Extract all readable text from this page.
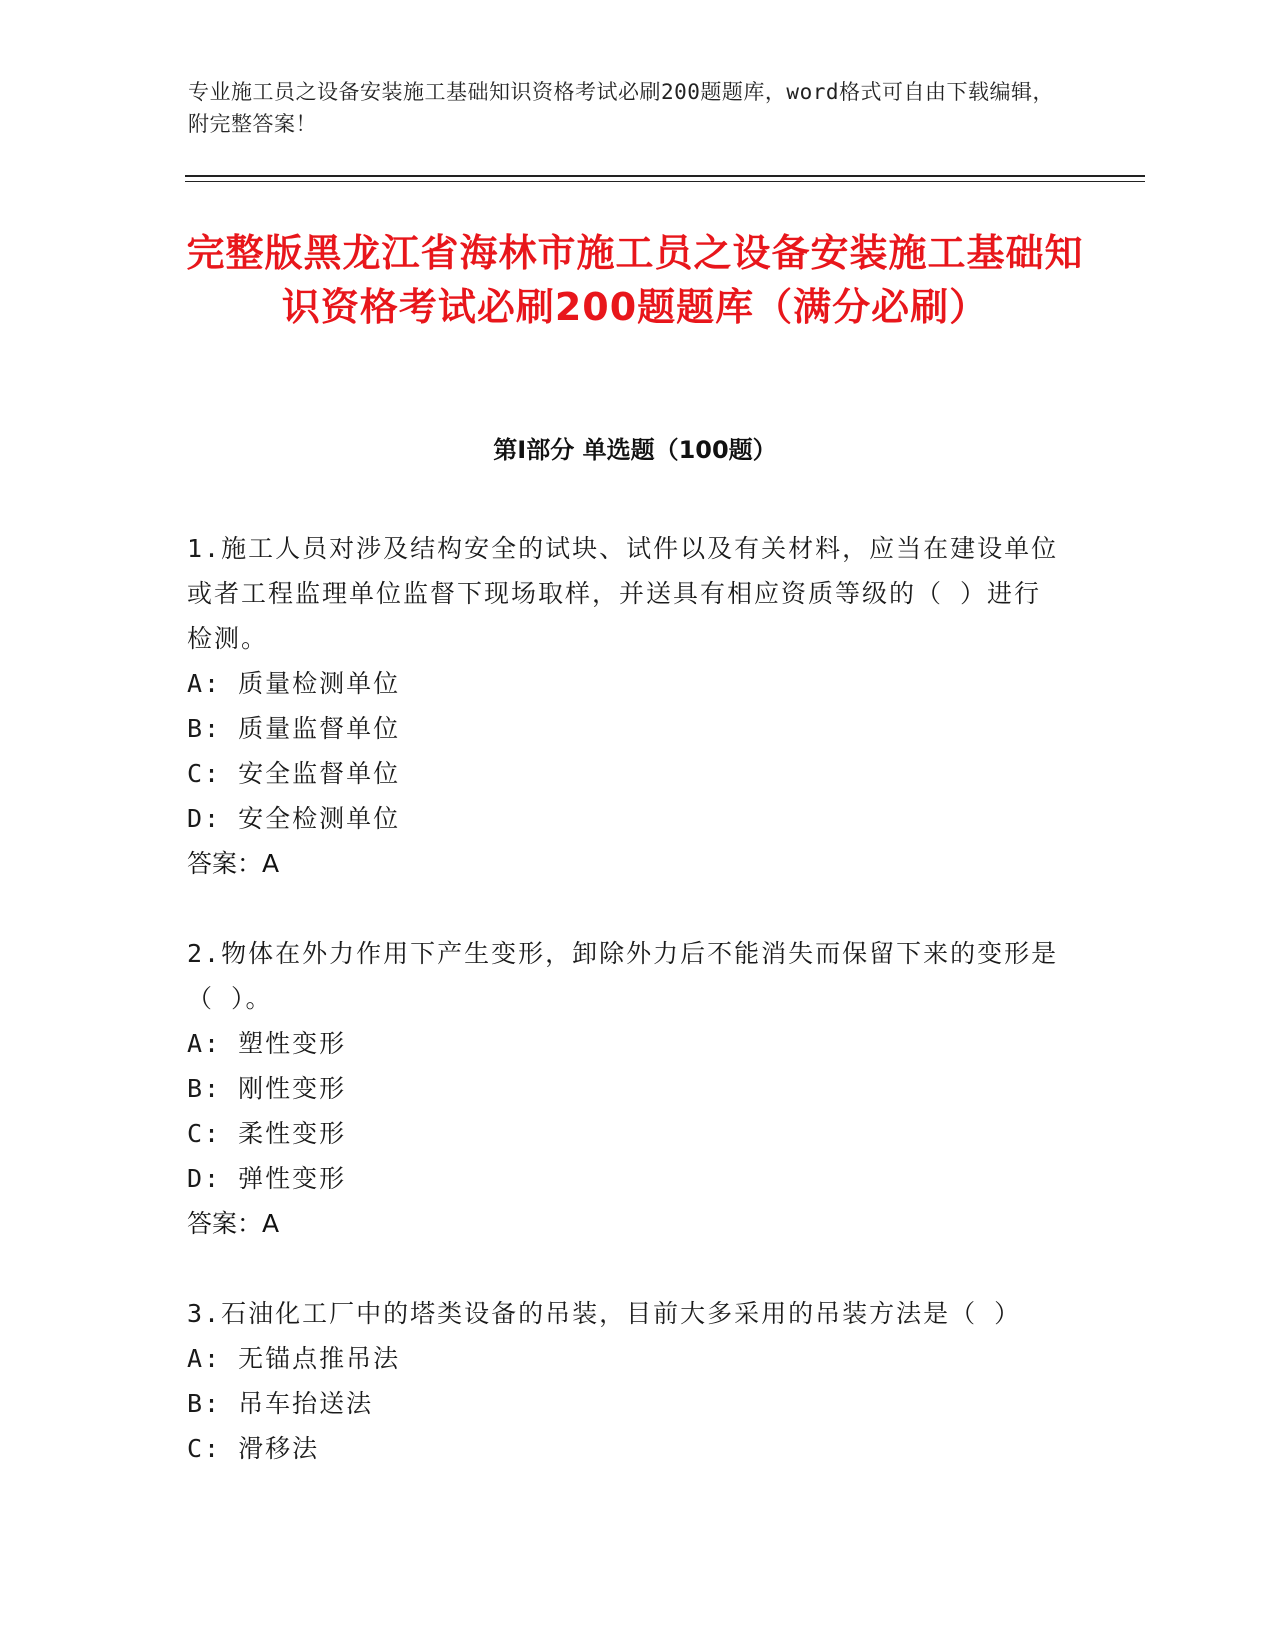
专业施工员之设备安装施工基础知识资格考试必刷200题题库，word格式可自由下载编辑，附完整答案！
完整版黑龙江省海林市施工员之设备安装施工基础知识资格考试必刷200题题库（满分必刷）
第I部分 单选题（100题）

1.施工人员对涉及结构安全的试块、试件以及有关材料，应当在建设单位或者工程监理单位监督下现场取样，并送具有相应资质等级的（ ）进行检测。

A: 质量检测单位

B: 质量监督单位

C: 安全监督单位

D: 安全检测单位

答案：A

2.物体在外力作用下产生变形，卸除外力后不能消失而保留下来的变形是（ ）。

A: 塑性变形

B: 刚性变形

C: 柔性变形

D: 弹性变形

答案：A

3.石油化工厂中的塔类设备的吊装，目前大多采用的吊装方法是（ ）

A: 无锚点推吊法

B: 吊车抬送法

C: 滑移法
